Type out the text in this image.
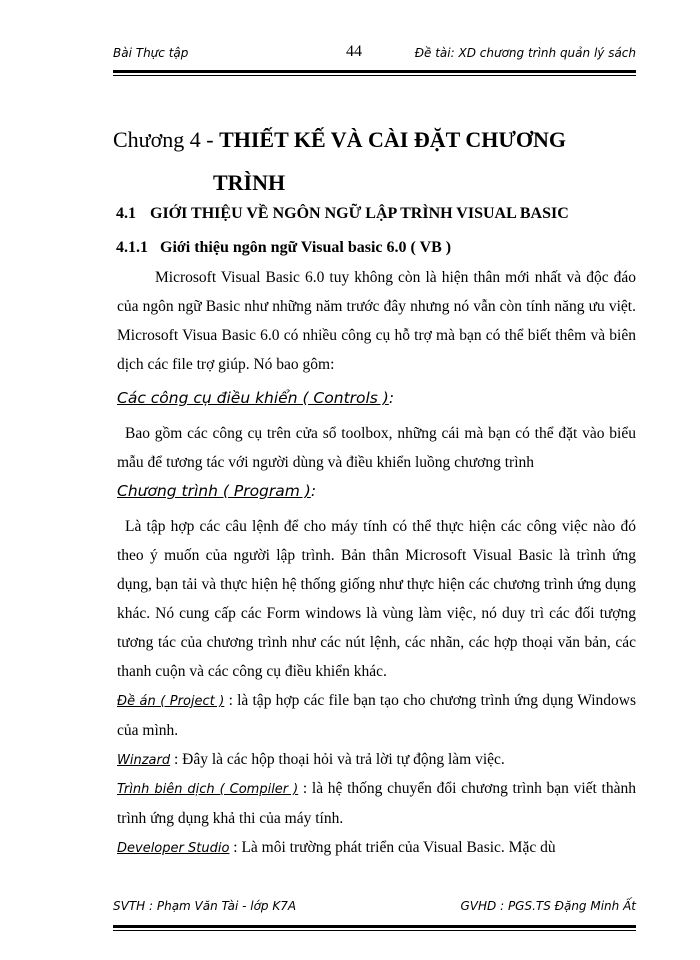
Bài Thực tập	44	Đề tài: XD chương trình quản lý sách
Chương 4 - THIẾT KẾ VÀ CÀI ĐẶT CHƯƠNG
TRÌNH
4.1 GIỚI THIỆU VỀ NGÔN NGỮ LẬP TRÌNH VISUAL BASIC
4.1.1 Giới thiệu ngôn ngữ Visual basic 6.0 ( VB )

Microsoft Visual Basic 6.0 tuy không còn là hiện thân mới nhất và độc đáo của ngôn ngữ Basic như những năm trước đây nhưng nó vẫn còn tính năng ưu việt. Microsoft Visua Basic 6.0 có nhiều công cụ hỗ trợ mà bạn có thể biết thêm và biên dịch các file trợ giúp. Nó bao gôm:

Các công cụ điều khiển ( Controls ):

Bao gồm các công cụ trên cửa sổ toolbox, những cái mà bạn có thể đặt vào biểu mẫu để tương tác với người dùng và điều khiển luồng chương trình

Chương trình ( Program ):

Là tập hợp các câu lệnh để cho máy tính có thể thực hiện các công việc nào đó theo ý muốn của người lập trình. Bản thân Microsoft Visual Basic là trình ứng dụng, bạn tải và thực hiện hệ thống giống như thực hiện các chương trình ứng dụng khác. Nó cung cấp các Form windows là vùng làm việc, nó duy trì các đối tượng tương tác của chương trình như các nút lệnh, các nhãn, các hợp thoại văn bản, các thanh cuộn và các công cụ điều khiển khác.

Đề án ( Project ) : là tập hợp các file bạn tạo cho chương trình ứng dụng Windows của mình.

Winzard : Đây là các hộp thoại hỏi và trả lời tự động làm việc.

Trình biên dịch ( Compiler ) : là hệ thống chuyển đổi chương trình bạn viết thành trình ứng dụng khả thi của máy tính.

Developer Studio : Là môi trường phát triển của Visual Basic. Mặc dù

SVTH : Phạm Văn Tài - lớp K7A	GVHD : PGS.TS Đặng Minh Ất
